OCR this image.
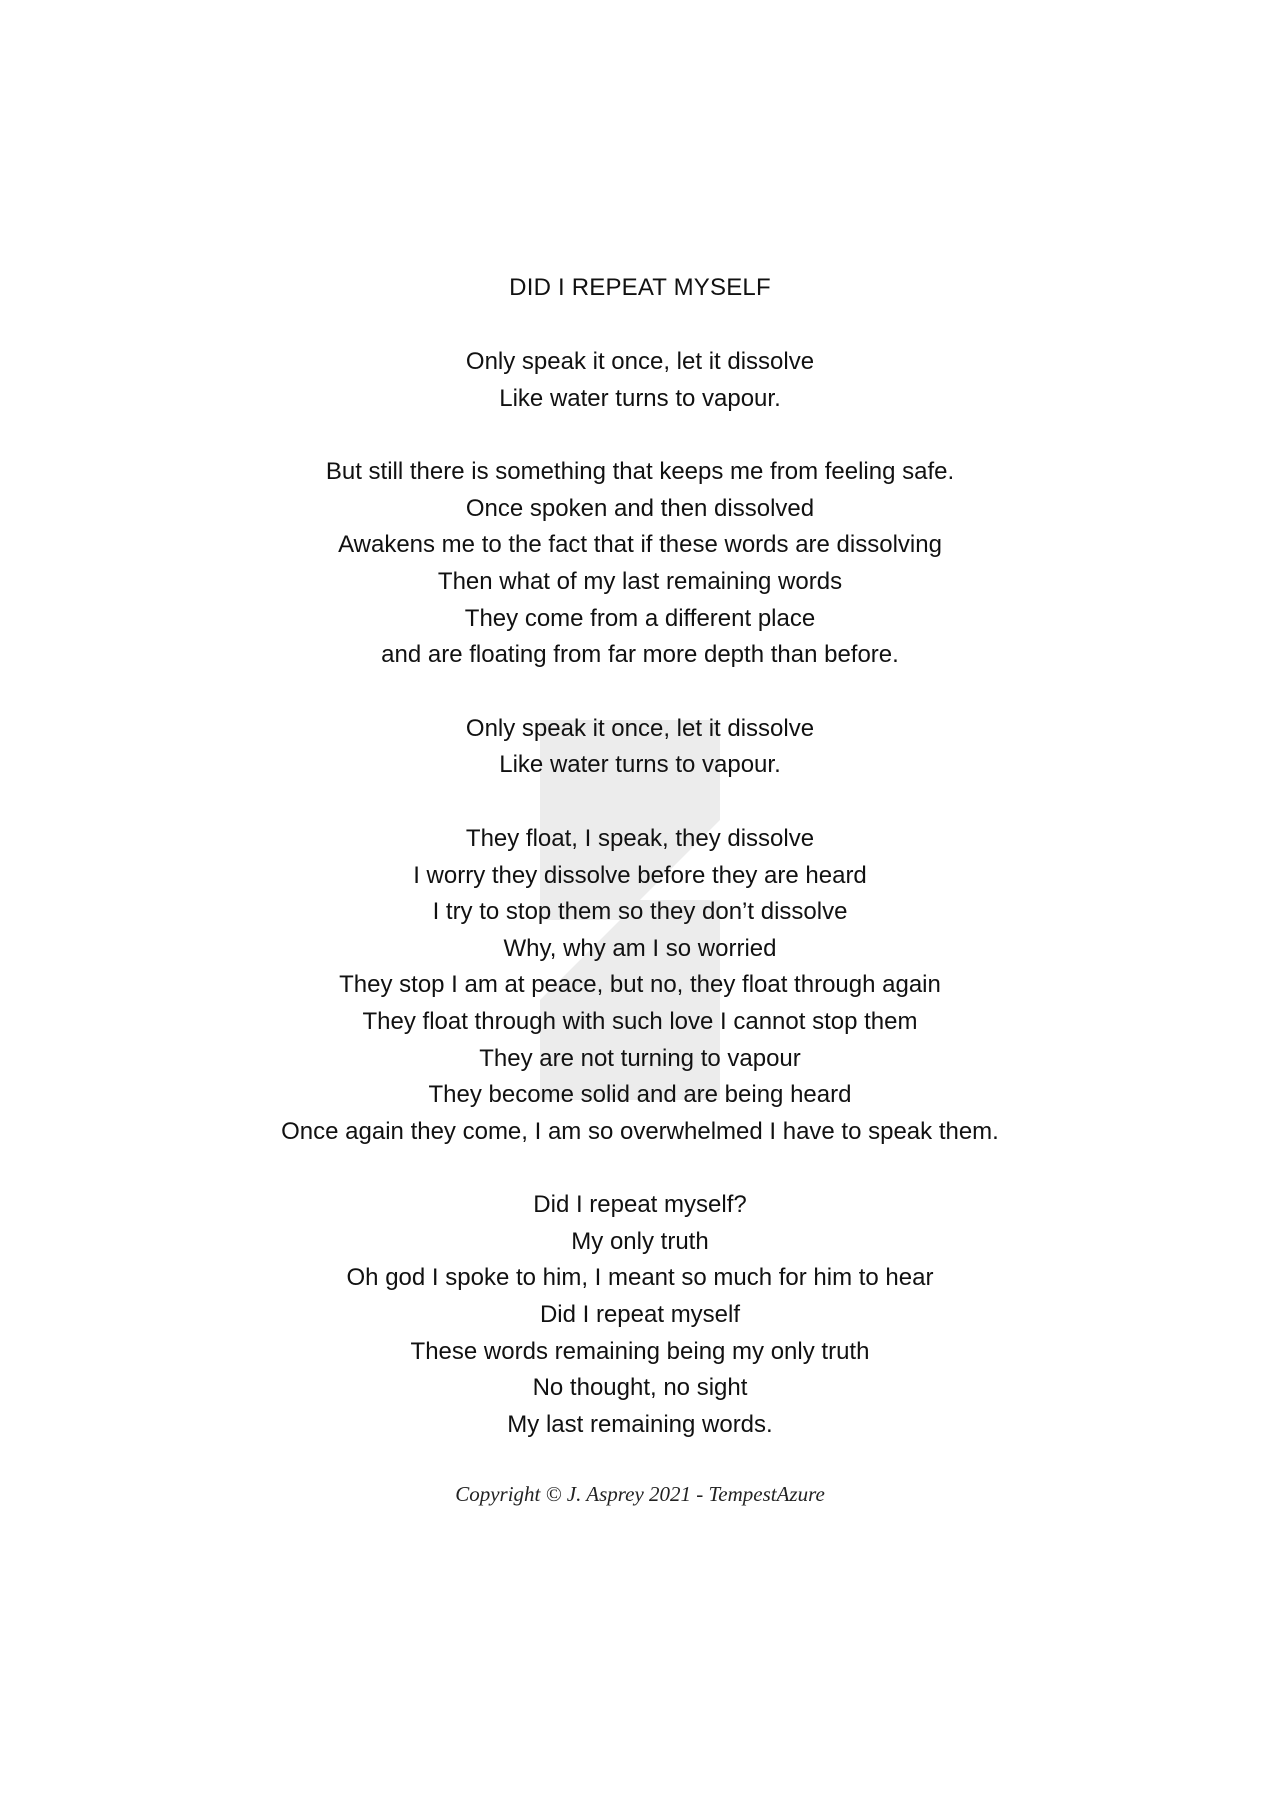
DID I REPEAT MYSELF
Only speak it once, let it dissolve
Like water turns to vapour.
But still there is something that keeps me from feeling safe.
Once spoken and then dissolved
Awakens me to the fact that if these words are dissolving
Then what of my last remaining words
They come from a different place
and are floating from far more depth than before.
Only speak it once, let it dissolve
Like water turns to vapour.
They float, I speak, they dissolve
I worry they dissolve before they are heard
I try to stop them so they don’t dissolve
Why, why am I so worried
They stop I am at peace, but no, they float through again
They float through with such love I cannot stop them
They are not turning to vapour
They become solid and are being heard
Once again they come, I am so overwhelmed I have to speak them.
Did I repeat myself?
My only truth
Oh god I spoke to him, I meant so much for him to hear
Did I repeat myself
These words remaining being my only truth
No thought, no sight
My last remaining words.
Copyright © J. Asprey 2021 - TempestAzure
